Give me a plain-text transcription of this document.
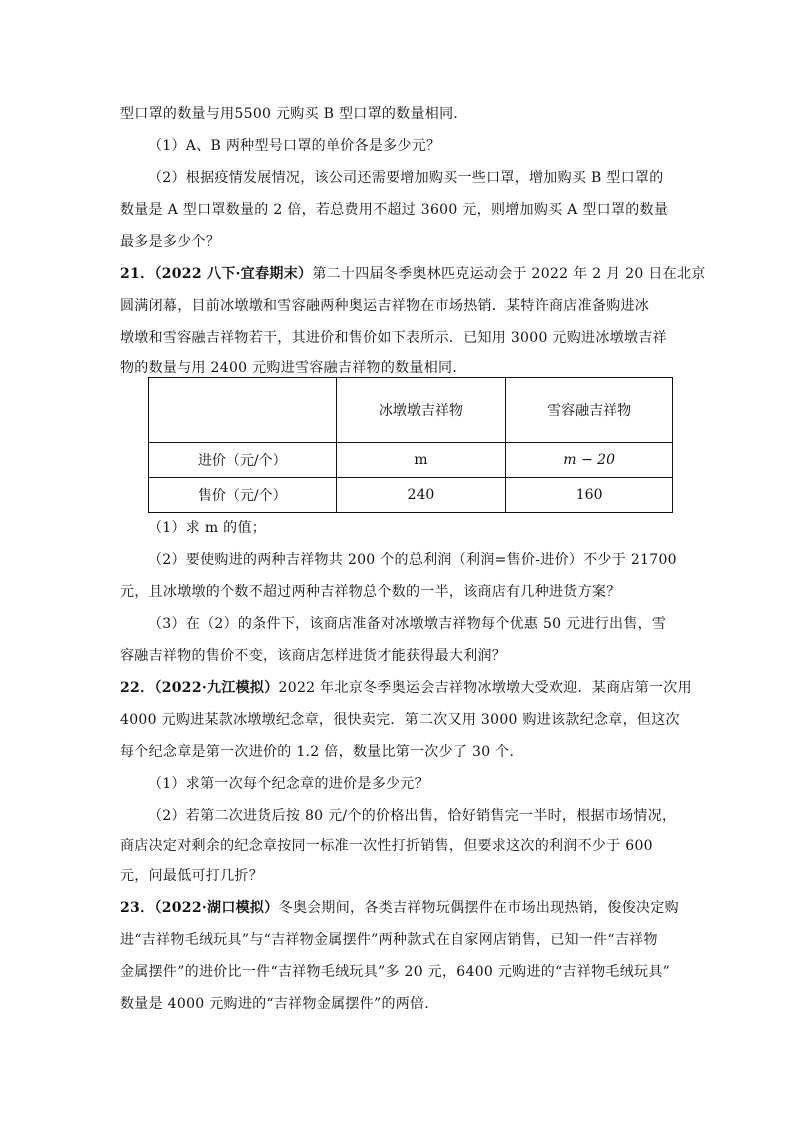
型口罩的数量与用5500 元购买 B 型口罩的数量相同．
（1）A、B 两种型号口罩的单价各是多少元？
（2）根据疫情发展情况，该公司还需要增加购买一些口罩，增加购买 B 型口罩的
数量是 A 型口罩数量的 2 倍，若总费用不超过 3600 元，则增加购买 A 型口罩的数量
最多是多少个？
21．（2022 八下·宜春期末）第二十四届冬季奥林匹克运动会于 2022 年 2 月 20 日在北京
圆满闭幕，目前冰墩墩和雪容融两种奥运吉祥物在市场热销．某特许商店准备购进冰
墩墩和雪容融吉祥物若干，其进价和售价如下表所示．已知用 3000 元购进冰墩墩吉祥
物的数量与用 2400 元购进雪容融吉祥物的数量相同．
	冰墩墩吉祥物	雪容融吉祥物
进价（元/个）	m	m − 20
售价（元/个）	240	160
（1）求 m 的值；
（2）要使购进的两种吉祥物共 200 个的总利润（利润=售价-进价）不少于 21700
元，且冰墩墩的个数不超过两种吉祥物总个数的一半，该商店有几种进货方案？
（3）在（2）的条件下，该商店准备对冰墩墩吉祥物每个优惠 50 元进行出售，雪
容融吉祥物的售价不变，该商店怎样进货才能获得最大利润？
22．（2022·九江模拟）2022 年北京冬季奥运会吉祥物冰墩墩大受欢迎．某商店第一次用
4000 元购进某款冰墩墩纪念章，很快卖完．第二次又用 3000 购进该款纪念章，但这次
每个纪念章是第一次进价的 1.2 倍，数量比第一次少了 30 个．
（1）求第一次每个纪念章的进价是多少元？
（2）若第二次进货后按 80 元/个的价格出售，恰好销售完一半时，根据市场情况，
商店决定对剩余的纪念章按同一标准一次性打折销售，但要求这次的利润不少于 600
元，问最低可打几折？
23．（2022·湖口模拟）冬奥会期间，各类吉祥物玩偶摆件在市场出现热销，俊俊决定购
进“吉祥物毛绒玩具”与“吉祥物金属摆件”两种款式在自家网店销售，已知一件“吉祥物
金属摆件”的进价比一件“吉祥物毛绒玩具”多 20 元，6400 元购进的“吉祥物毛绒玩具”
数量是 4000 元购进的“吉祥物金属摆件”的两倍．
